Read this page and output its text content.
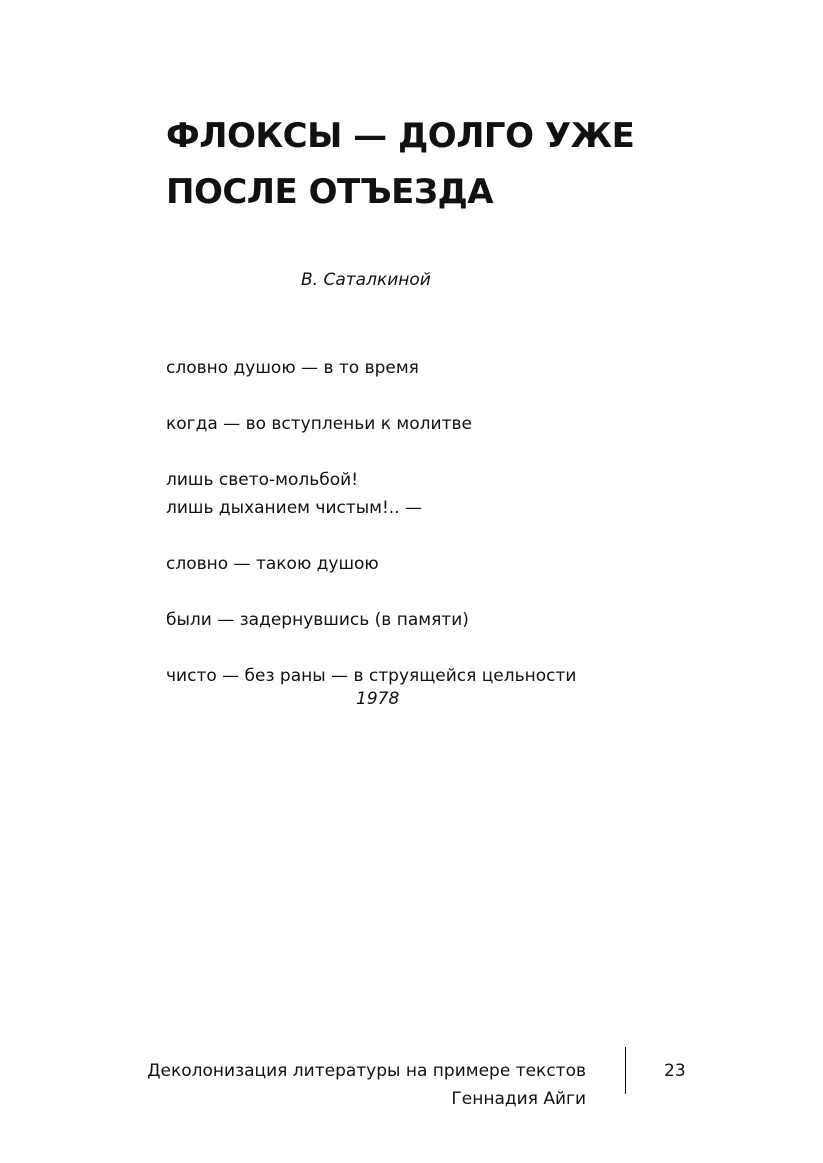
ФЛОКСЫ — ДОЛГО УЖЕ
ПОСЛЕ ОТЪЕЗДА
В. Саталкиной
словно душою — в то время
когда — во вступленьи к молитве
лишь свето-мольбой!
лишь дыханием чистым!.. —
словно — такою душою
были — задернувшись (в памяти)
чисто — без раны — в струящейся цельности
1978
Деколонизация литературы на примере текстов
Геннадия Айги
23
